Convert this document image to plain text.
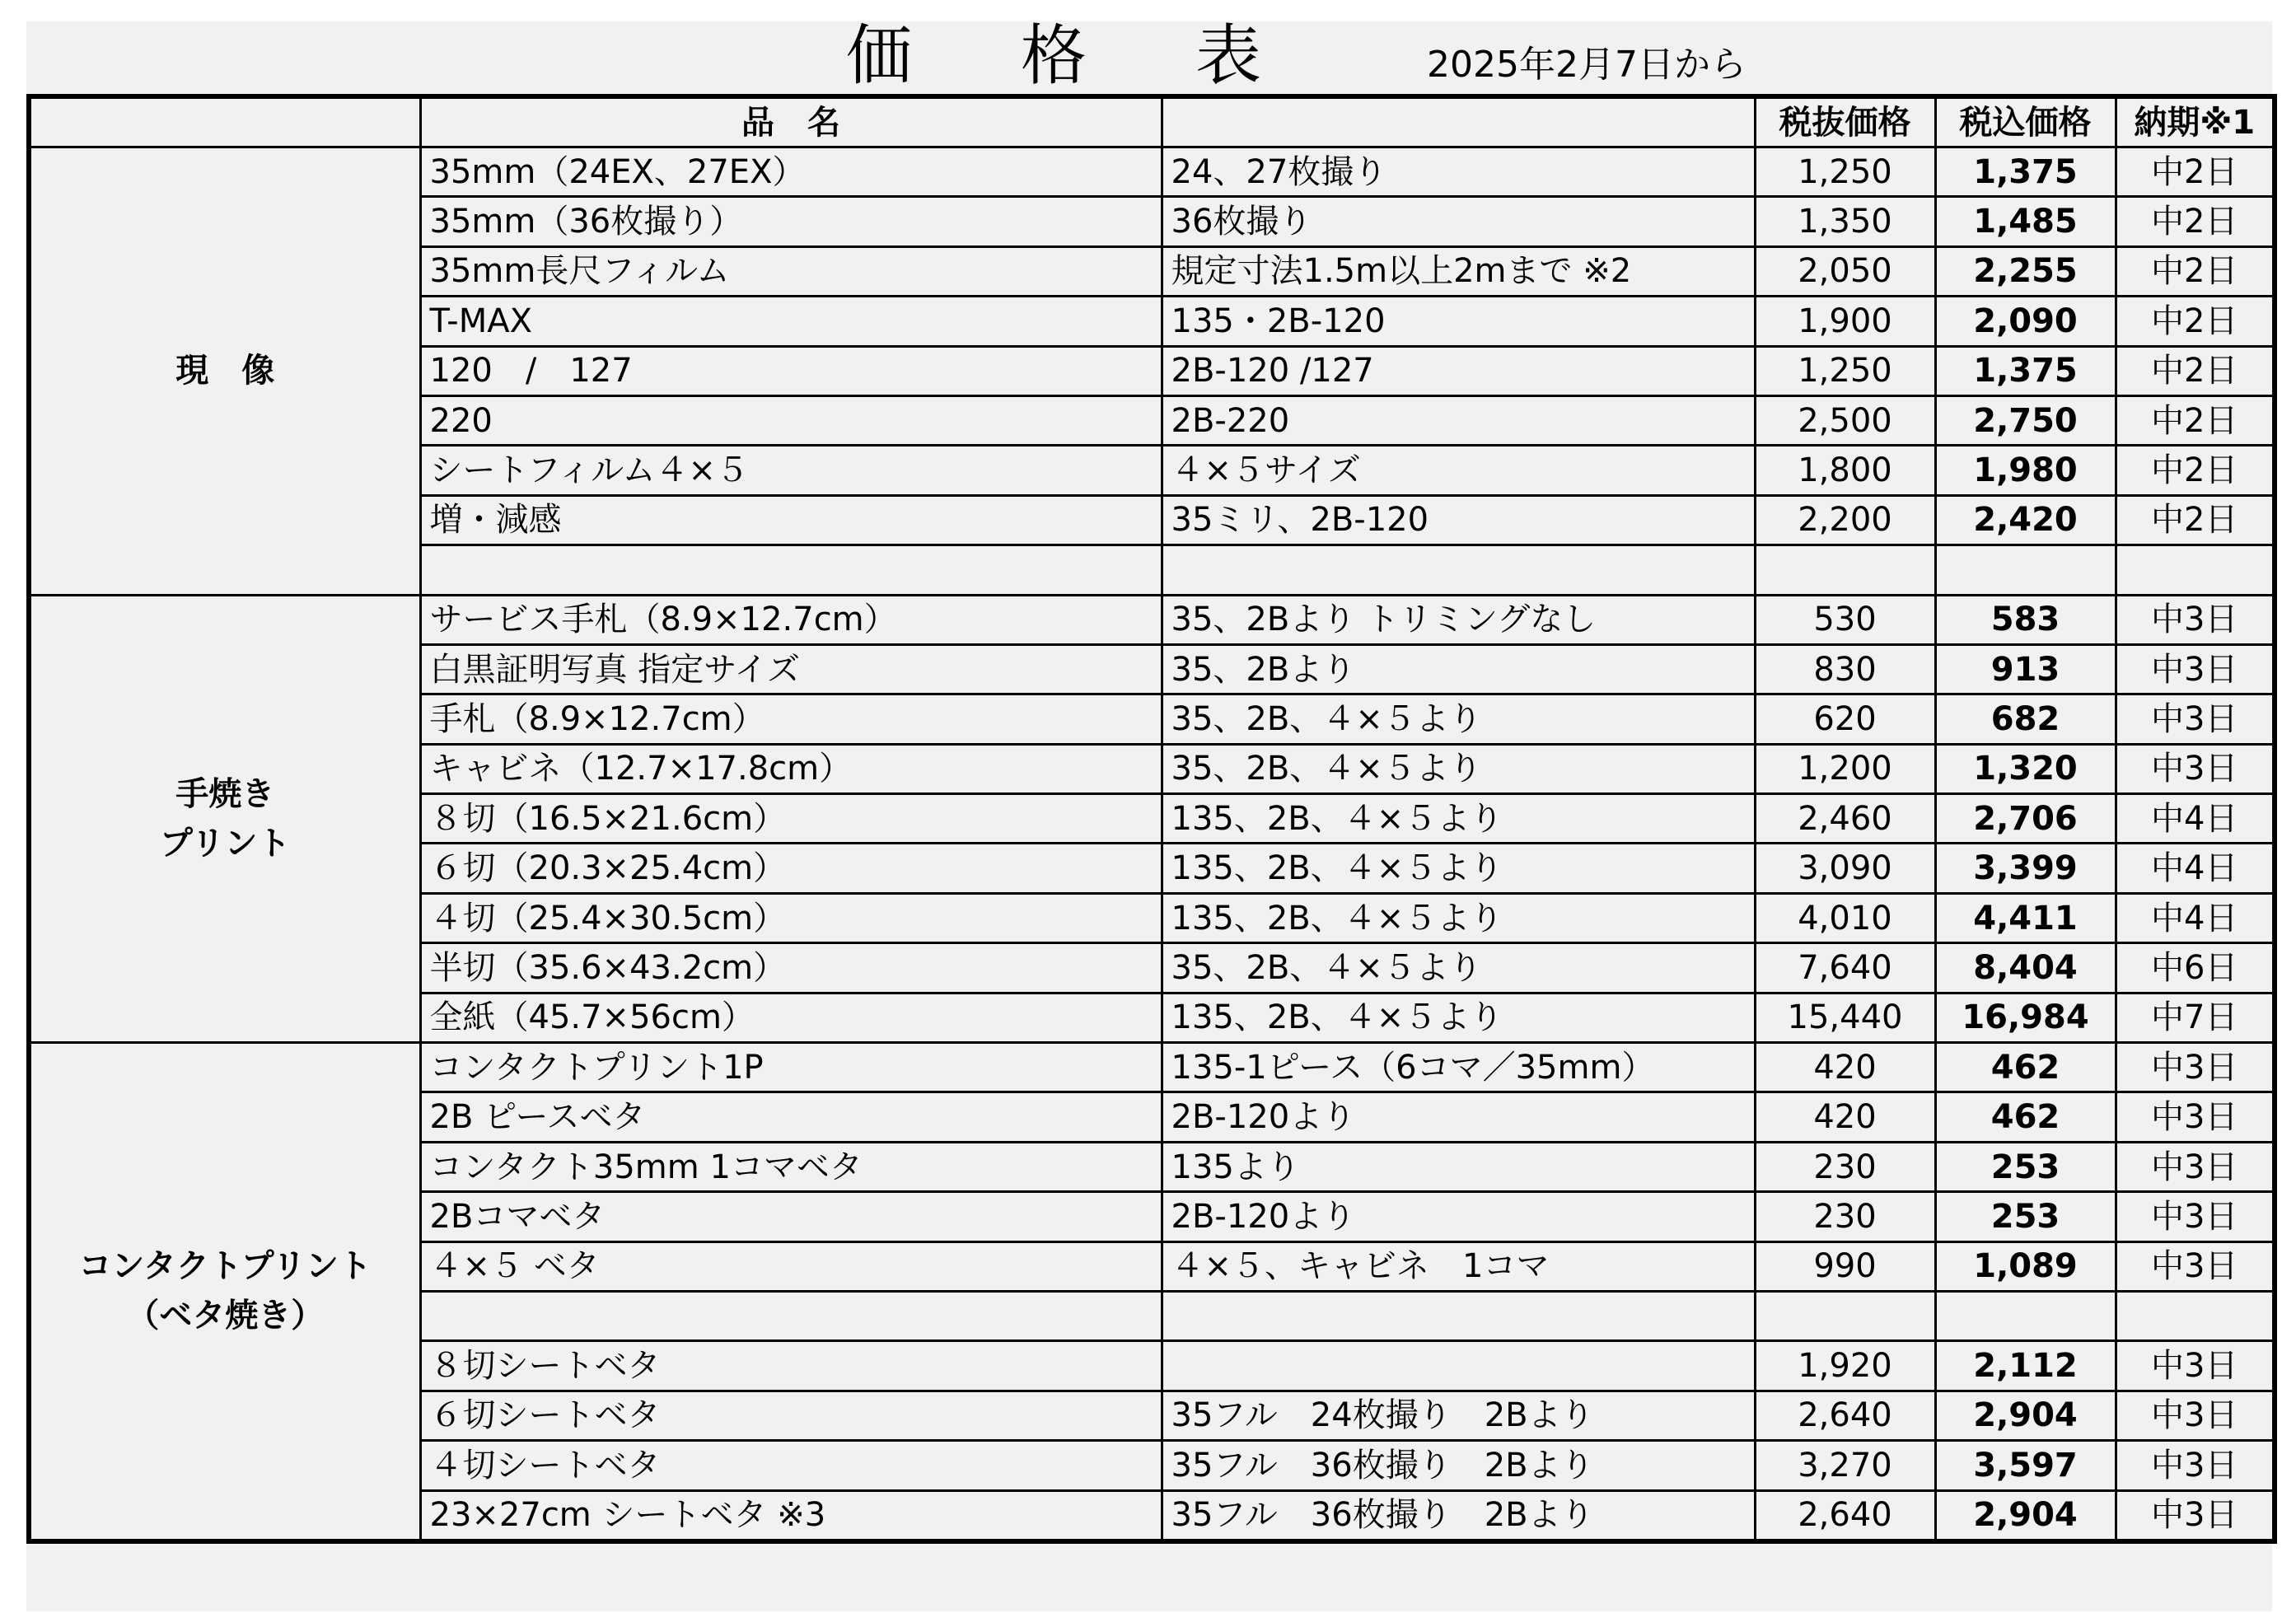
価格表 2025年2月7日から
	品　名		税抜価格	税込価格	納期※1
現　像	35mm（24EX、27EX）	24、27枚撮り	1,250	1,375	中2日
	35mm（36枚撮り）	36枚撮り	1,350	1,485	中2日
	35mm長尺フィルム	規定寸法1.5m以上2mまで ※2	2,050	2,255	中2日
	T-MAX	135・2B-120	1,900	2,090	中2日
	120　/　127	2B-120 /127	1,250	1,375	中2日
	220	2B-220	2,500	2,750	中2日
	シートフィルム４×５	４×５サイズ	1,800	1,980	中2日
	増・減感	35ミリ、2B-120	2,200	2,420	中2日

手焼き
プリント	サービス手札（8.9×12.7cm）	35、2Bより トリミングなし	530	583	中3日
	白黒証明写真 指定サイズ	35、2Bより	830	913	中3日
	手札（8.9×12.7cm）	35、2B、４×５より	620	682	中3日
	キャビネ（12.7×17.8cm）	35、2B、４×５より	1,200	1,320	中3日
	８切（16.5×21.6cm）	135、2B、４×５より	2,460	2,706	中4日
	６切（20.3×25.4cm）	135、2B、４×５より	3,090	3,399	中4日
	４切（25.4×30.5cm）	135、2B、４×５より	4,010	4,411	中4日
	半切（35.6×43.2cm）	35、2B、４×５より	7,640	8,404	中6日
	全紙（45.7×56cm）	135、2B、４×５より	15,440	16,984	中7日
コンタクトプリント
（ベタ焼き）	コンタクトプリント1P	135-1ピース（6コマ／35mm）	420	462	中3日
	2B ピースベタ	2B-120より	420	462	中3日
	コンタクト35mm 1コマベタ	135より	230	253	中3日
	2Bコマベタ	2B-120より	230	253	中3日
	４×５ ベタ	４×５、キャビネ　1コマ	990	1,089	中3日

	８切シートベタ		1,920	2,112	中3日
	６切シートベタ	35フル　24枚撮り　2Bより	2,640	2,904	中3日
	４切シートベタ	35フル　36枚撮り　2Bより	3,270	3,597	中3日
	23×27cm シートベタ ※3	35フル　36枚撮り　2Bより	2,640	2,904	中3日
